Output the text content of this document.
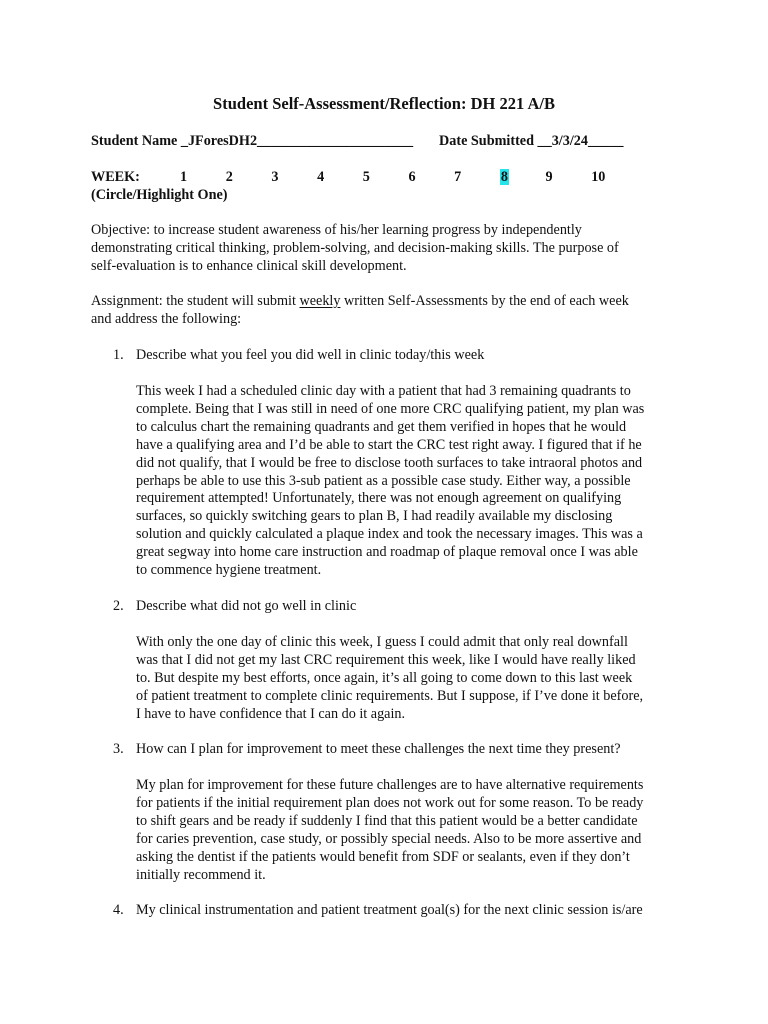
Student Self-Assessment/Reflection: DH 221 A/B
Student Name _JForesDH2______________________ Date Submitted __3/3/24_____
WEEK:	1	2	3	4	5	6	7	8	9	10
(Circle/Highlight One)
Objective: to increase student awareness of his/her learning progress by independently
demonstrating critical thinking, problem-solving, and decision-making skills. The purpose of
self-evaluation is to enhance clinical skill development.
Assignment: the student will submit weekly written Self-Assessments by the end of each week
and address the following:
1. Describe what you feel you did well in clinic today/this week
This week I had a scheduled clinic day with a patient that had 3 remaining quadrants to
complete. Being that I was still in need of one more CRC qualifying patient, my plan was
to calculus chart the remaining quadrants and get them verified in hopes that he would
have a qualifying area and I’d be able to start the CRC test right away. I figured that if he
did not qualify, that I would be free to disclose tooth surfaces to take intraoral photos and
perhaps be able to use this 3-sub patient as a possible case study. Either way, a possible
requirement attempted! Unfortunately, there was not enough agreement on qualifying
surfaces, so quickly switching gears to plan B, I had readily available my disclosing
solution and quickly calculated a plaque index and took the necessary images. This was a
great segway into home care instruction and roadmap of plaque removal once I was able
to commence hygiene treatment.
2. Describe what did not go well in clinic
With only the one day of clinic this week, I guess I could admit that only real downfall
was that I did not get my last CRC requirement this week, like I would have really liked
to. But despite my best efforts, once again, it’s all going to come down to this last week
of patient treatment to complete clinic requirements. But I suppose, if I’ve done it before,
I have to have confidence that I can do it again.
3. How can I plan for improvement to meet these challenges the next time they present?
My plan for improvement for these future challenges are to have alternative requirements
for patients if the initial requirement plan does not work out for some reason. To be ready
to shift gears and be ready if suddenly I find that this patient would be a better candidate
for caries prevention, case study, or possibly special needs. Also to be more assertive and
asking the dentist if the patients would benefit from SDF or sealants, even if they don’t
initially recommend it.
4. My clinical instrumentation and patient treatment goal(s) for the next clinic session is/are
